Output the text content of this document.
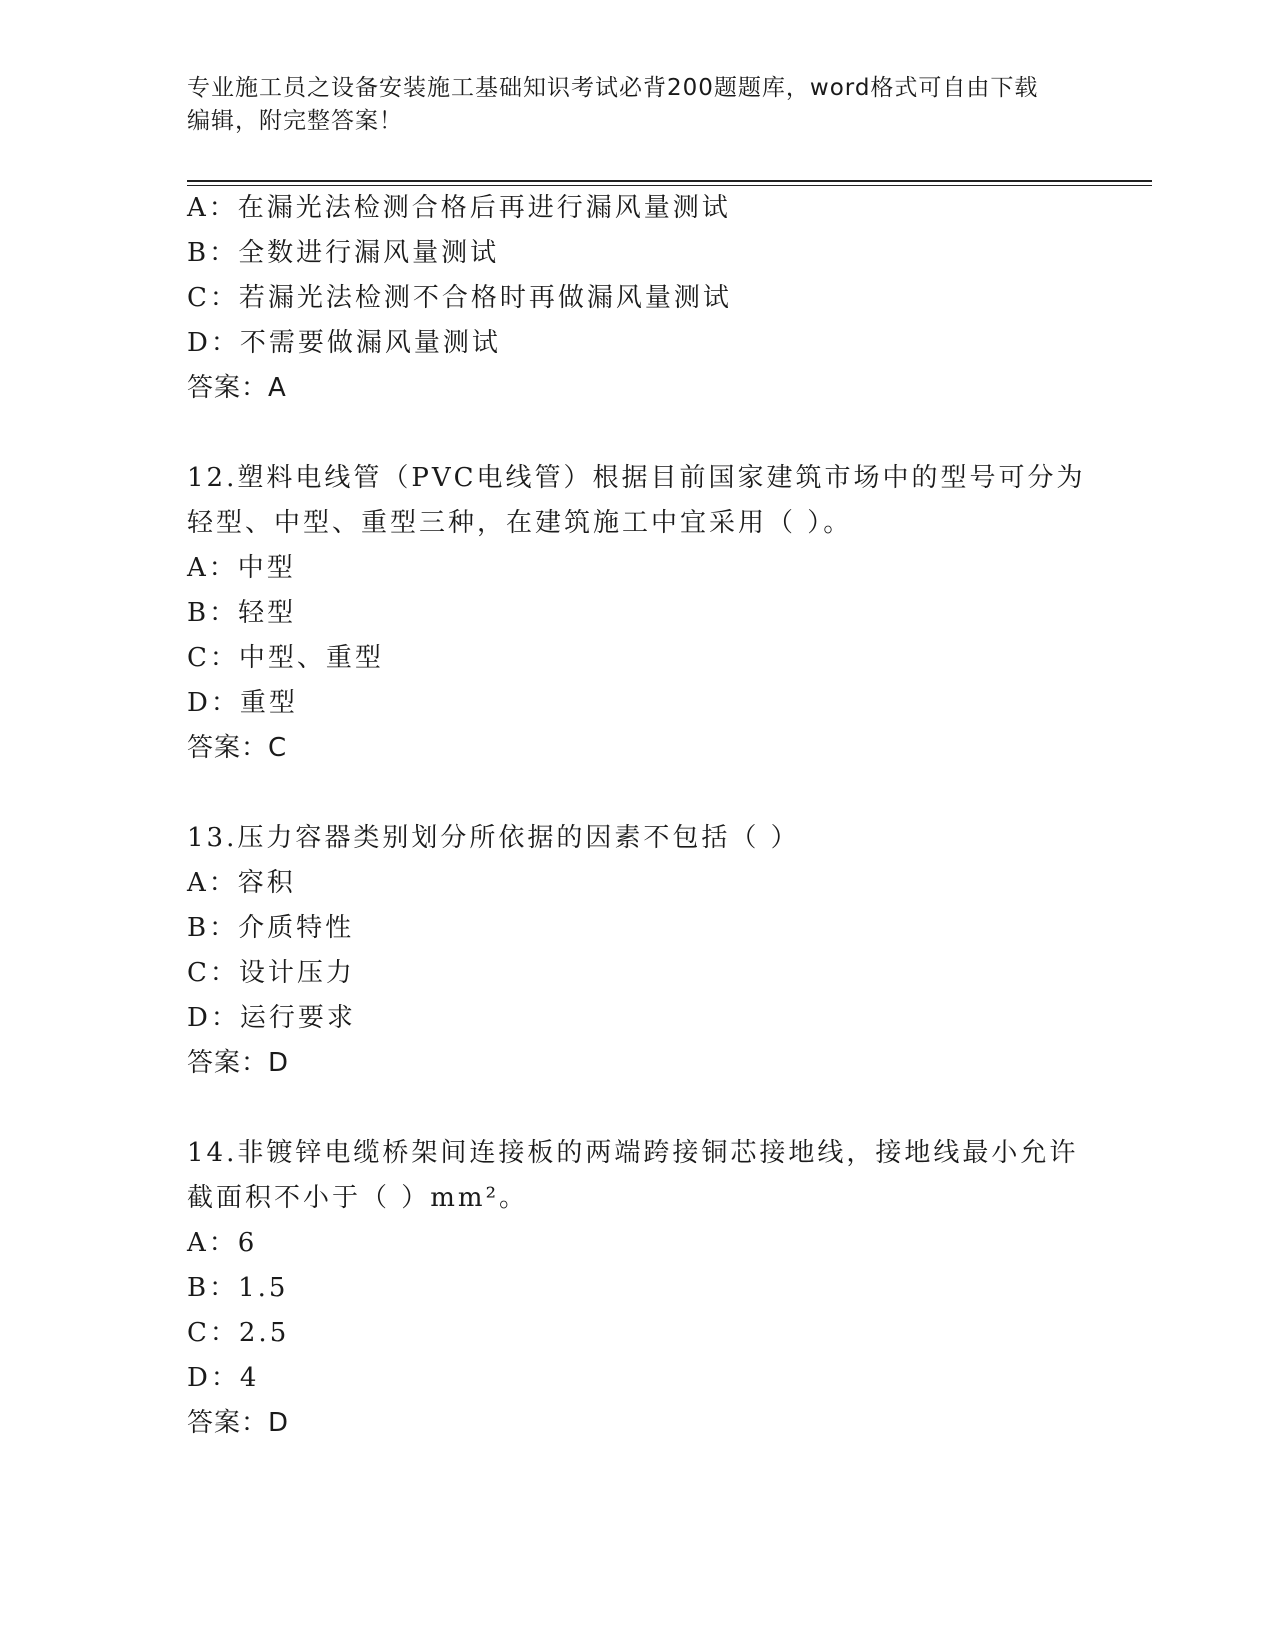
专业施工员之设备安装施工基础知识考试必背200题题库，word格式可自由下载
编辑，附完整答案！
A：在漏光法检测合格后再进行漏风量测试
B：全数进行漏风量测试
C：若漏光法检测不合格时再做漏风量测试
D：不需要做漏风量测试
答案：A
12.塑料电线管（PVC电线管）根据目前国家建筑市场中的型号可分为
轻型、中型、重型三种，在建筑施工中宜采用（ ）。
A：中型
B：轻型
C：中型、重型
D：重型
答案：C
13.压力容器类别划分所依据的因素不包括（ ）
A：容积
B：介质特性
C：设计压力
D：运行要求
答案：D
14.非镀锌电缆桥架间连接板的两端跨接铜芯接地线，接地线最小允许
截面积不小于（ ）mm²。
A：6
B：1.5
C：2.5
D：4
答案：D
